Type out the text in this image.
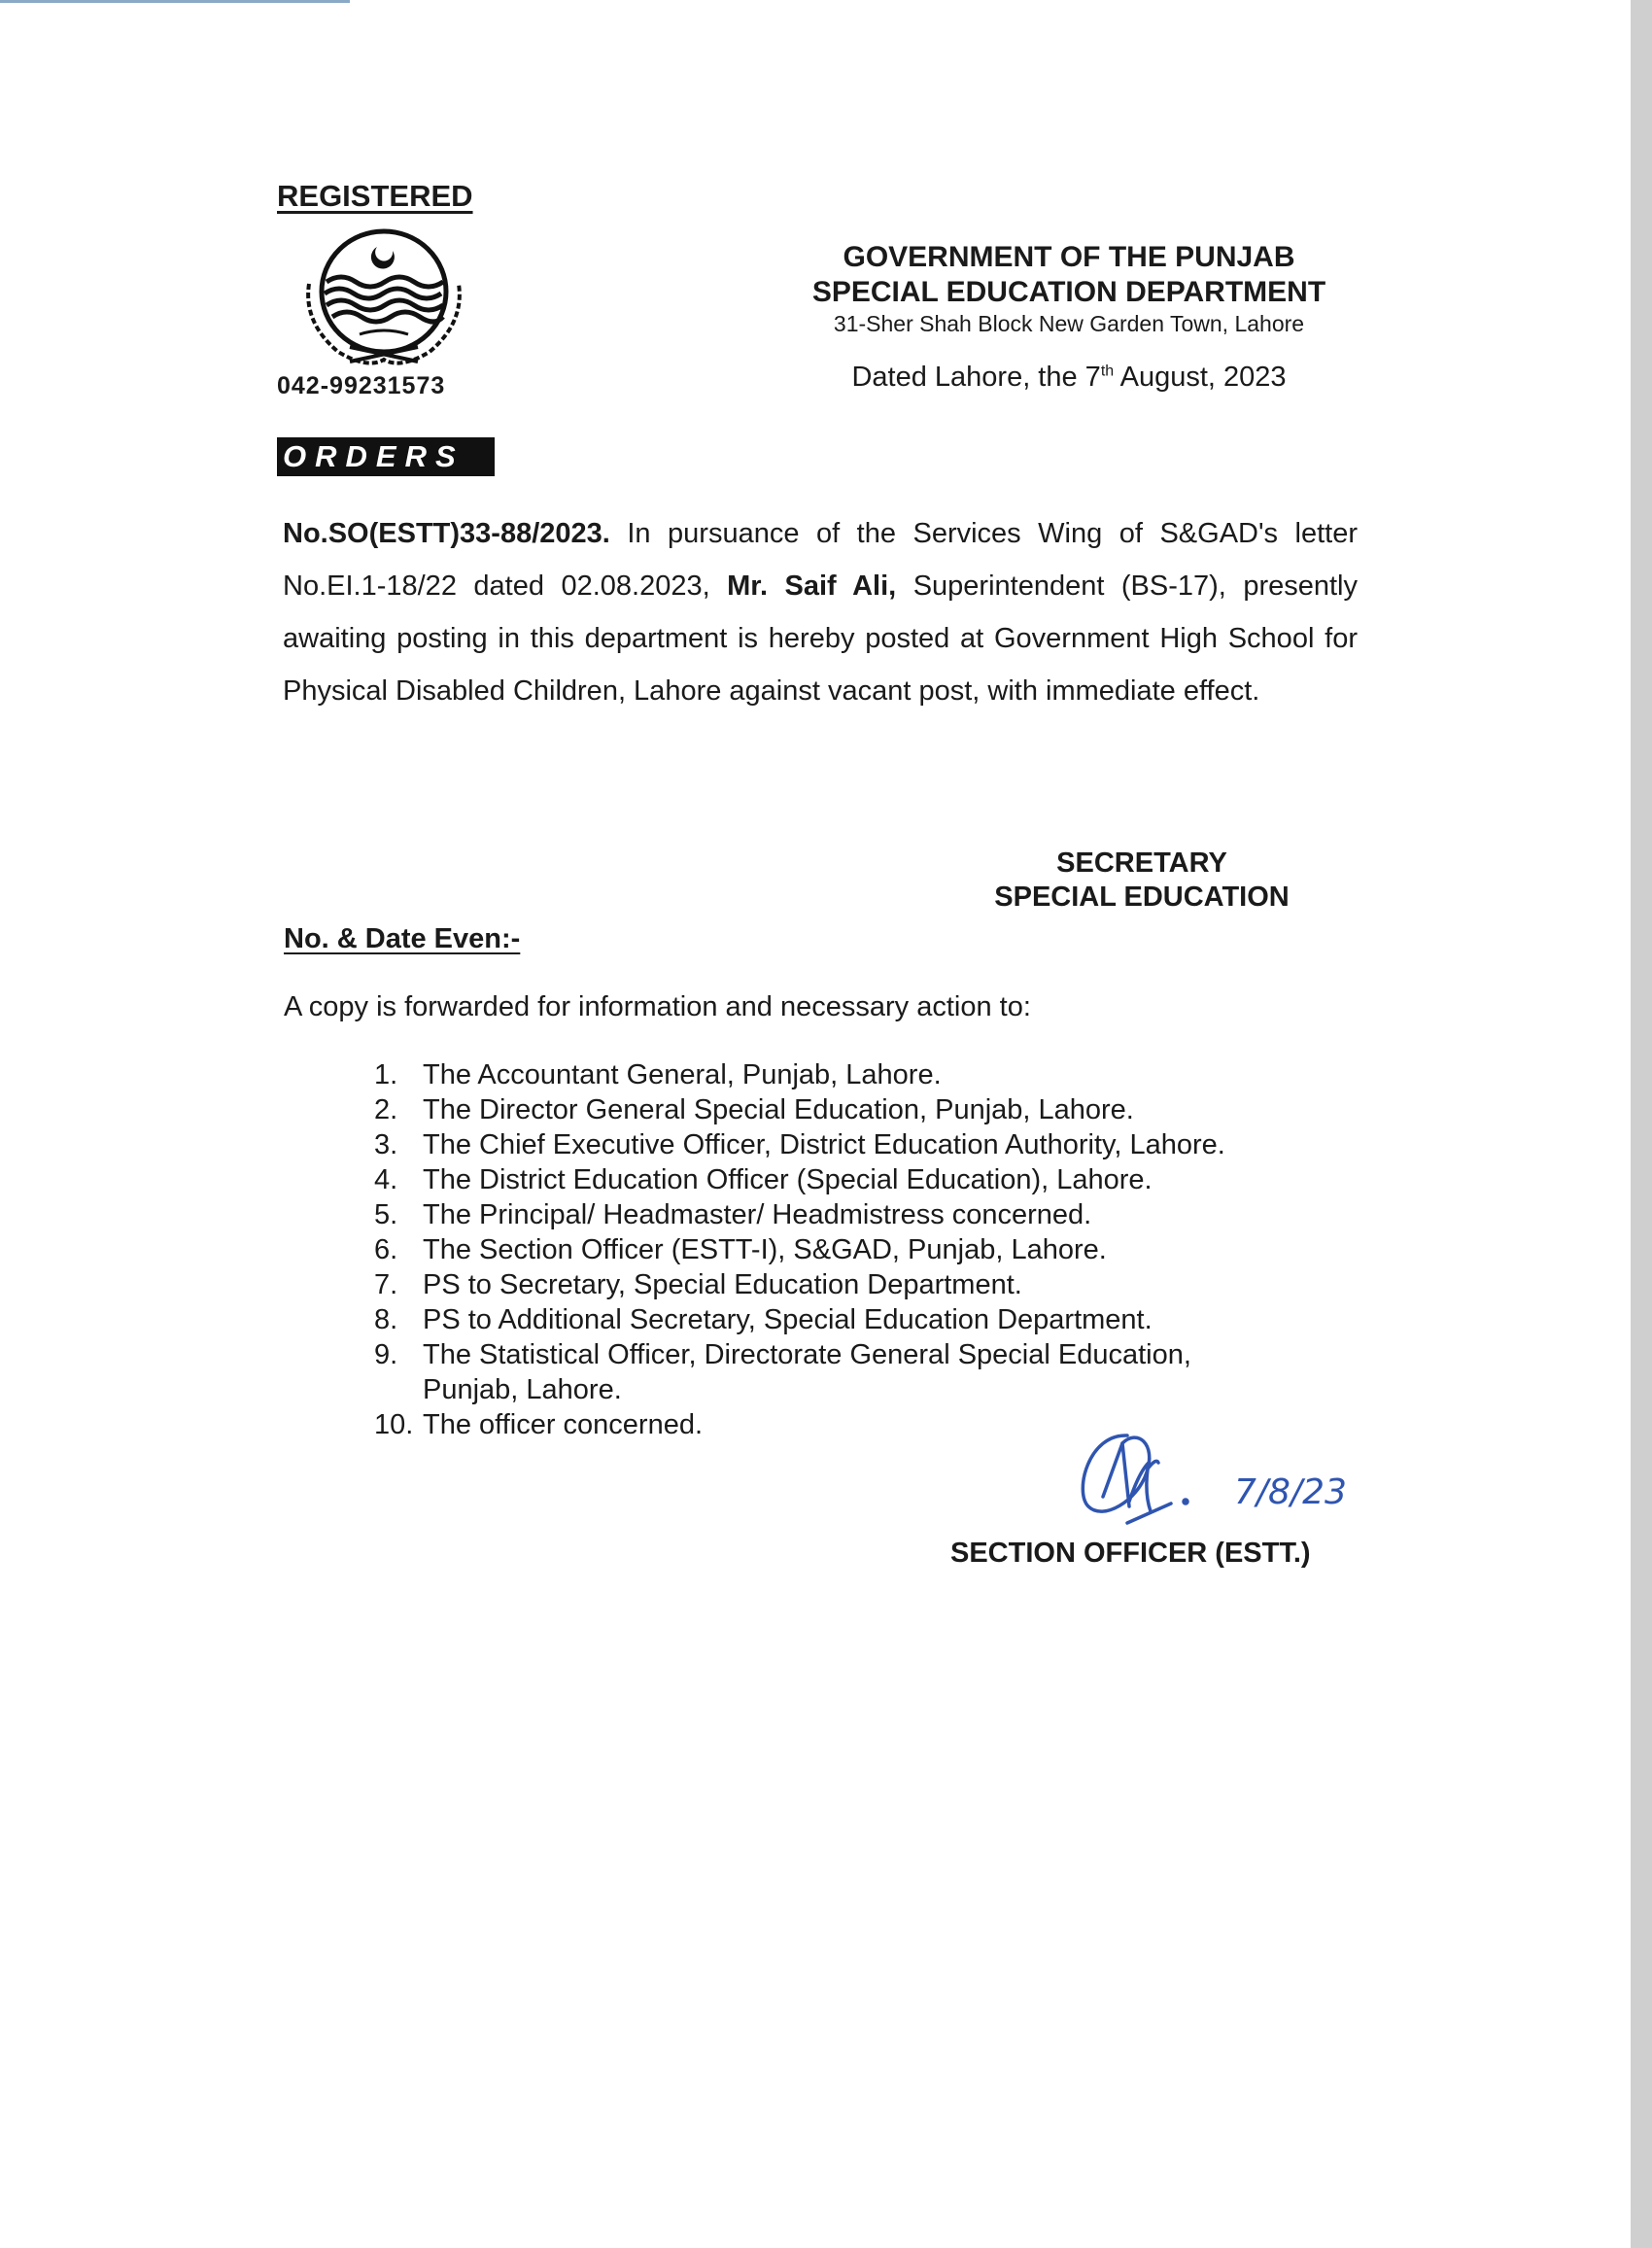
REGISTERED
042-99231573
GOVERNMENT OF THE PUNJAB
SPECIAL EDUCATION DEPARTMENT
31-Sher Shah Block New Garden Town, Lahore
Dated Lahore, the 7th August, 2023
ORDERS
No.SO(ESTT)33-88/2023. In pursuance of the Services Wing of S&GAD's letter No.EI.1-18/22 dated 02.08.2023, Mr. Saif Ali, Superintendent (BS-17), presently awaiting posting in this department is hereby posted at Government High School for Physical Disabled Children, Lahore against vacant post, with immediate effect.
SECRETARY
SPECIAL EDUCATION
No. & Date Even:-
A copy is forwarded for information and necessary action to:
1. The Accountant General, Punjab, Lahore.
2. The Director General Special Education, Punjab, Lahore.
3. The Chief Executive Officer, District Education Authority, Lahore.
4. The District Education Officer (Special Education), Lahore.
5. The Principal/ Headmaster/ Headmistress concerned.
6. The Section Officer (ESTT-I), S&GAD, Punjab, Lahore.
7. PS to Secretary, Special Education Department.
8. PS to Additional Secretary, Special Education Department.
9. The Statistical Officer, Directorate General Special Education, Punjab, Lahore.
10. The officer concerned.
7/8/23
SECTION OFFICER (ESTT.)
